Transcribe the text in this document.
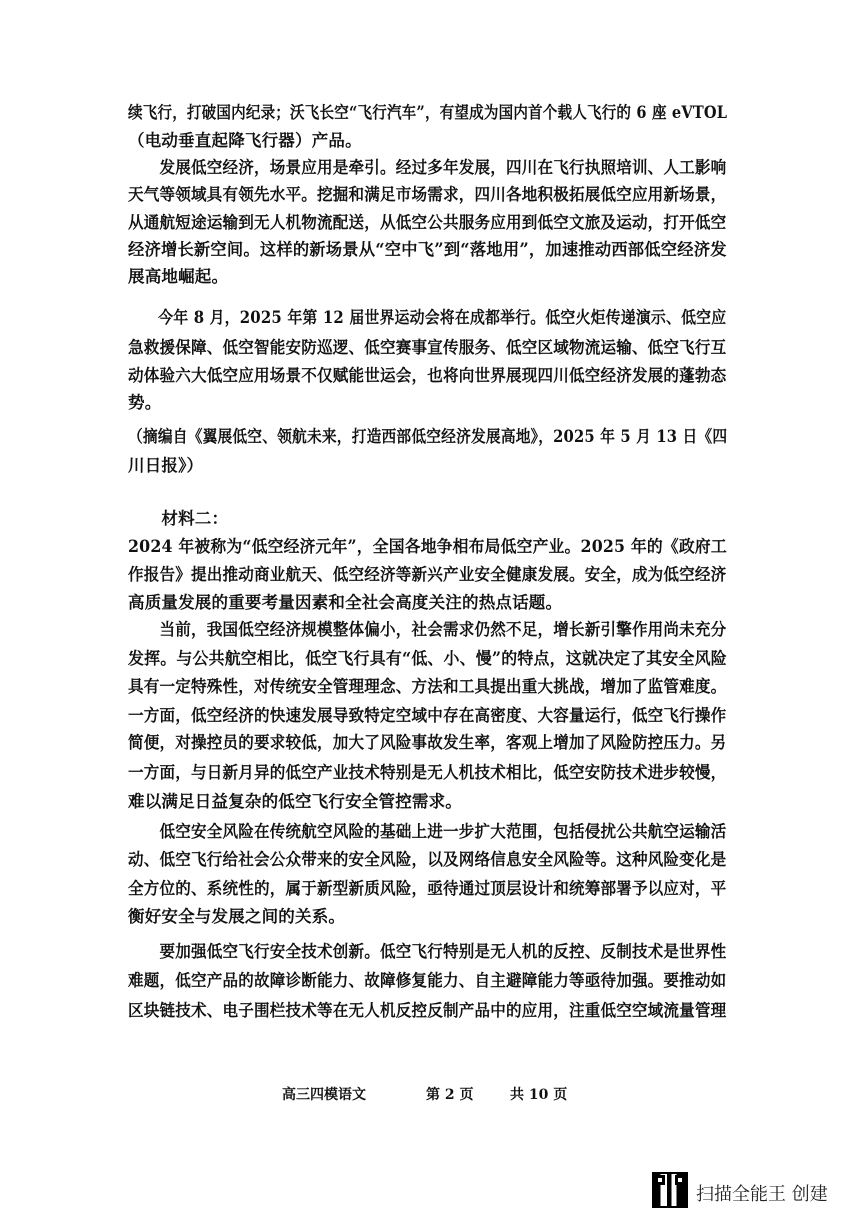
续飞行，打破国内纪录；沃飞长空“飞行汽车”，有望成为国内首个载人飞行的 6 座 eVTOL
（电动垂直起降飞行器）产品。
　　发展低空经济，场景应用是牵引。经过多年发展，四川在飞行执照培训、人工影响
天气等领域具有领先水平。挖掘和满足市场需求，四川各地积极拓展低空应用新场景，
从通航短途运输到无人机物流配送，从低空公共服务应用到低空文旅及运动，打开低空
经济增长新空间。这样的新场景从“空中飞”到“落地用”，加速推动西部低空经济发
展高地崛起。
　　今年 8 月，2025 年第 12 届世界运动会将在成都举行。低空火炬传递演示、低空应
急救援保障、低空智能安防巡逻、低空赛事宣传服务、低空区域物流运输、低空飞行互
动体验六大低空应用场景不仅赋能世运会，也将向世界展现四川低空经济发展的蓬勃态
势。
（摘编自《翼展低空、领航未来，打造西部低空经济发展高地》，2025 年 5 月 13 日《四
川日报》）
　　材料二：
2024 年被称为“低空经济元年”，全国各地争相布局低空产业。2025 年的《政府工
作报告》提出推动商业航天、低空经济等新兴产业安全健康发展。安全，成为低空经济
高质量发展的重要考量因素和全社会高度关注的热点话题。
　　当前，我国低空经济规模整体偏小，社会需求仍然不足，增长新引擎作用尚未充分
发挥。与公共航空相比，低空飞行具有“低、小、慢”的特点，这就决定了其安全风险
具有一定特殊性，对传统安全管理理念、方法和工具提出重大挑战，增加了监管难度。
一方面，低空经济的快速发展导致特定空域中存在高密度、大容量运行，低空飞行操作
简便，对操控员的要求较低，加大了风险事故发生率，客观上增加了风险防控压力。另
一方面，与日新月异的低空产业技术特别是无人机技术相比，低空安防技术进步较慢，
难以满足日益复杂的低空飞行安全管控需求。
　　低空安全风险在传统航空风险的基础上进一步扩大范围，包括侵扰公共航空运输活
动、低空飞行给社会公众带来的安全风险，以及网络信息安全风险等。这种风险变化是
全方位的、系统性的，属于新型新质风险，亟待通过顶层设计和统筹部署予以应对，平
衡好安全与发展之间的关系。
　　要加强低空飞行安全技术创新。低空飞行特别是无人机的反控、反制技术是世界性
难题，低空产品的故障诊断能力、故障修复能力、自主避障能力等亟待加强。要推动如
区块链技术、电子围栏技术等在无人机反控反制产品中的应用，注重低空空域流量管理
高三四模语文	第 2 页	共 10 页
扫描全能王 创建
